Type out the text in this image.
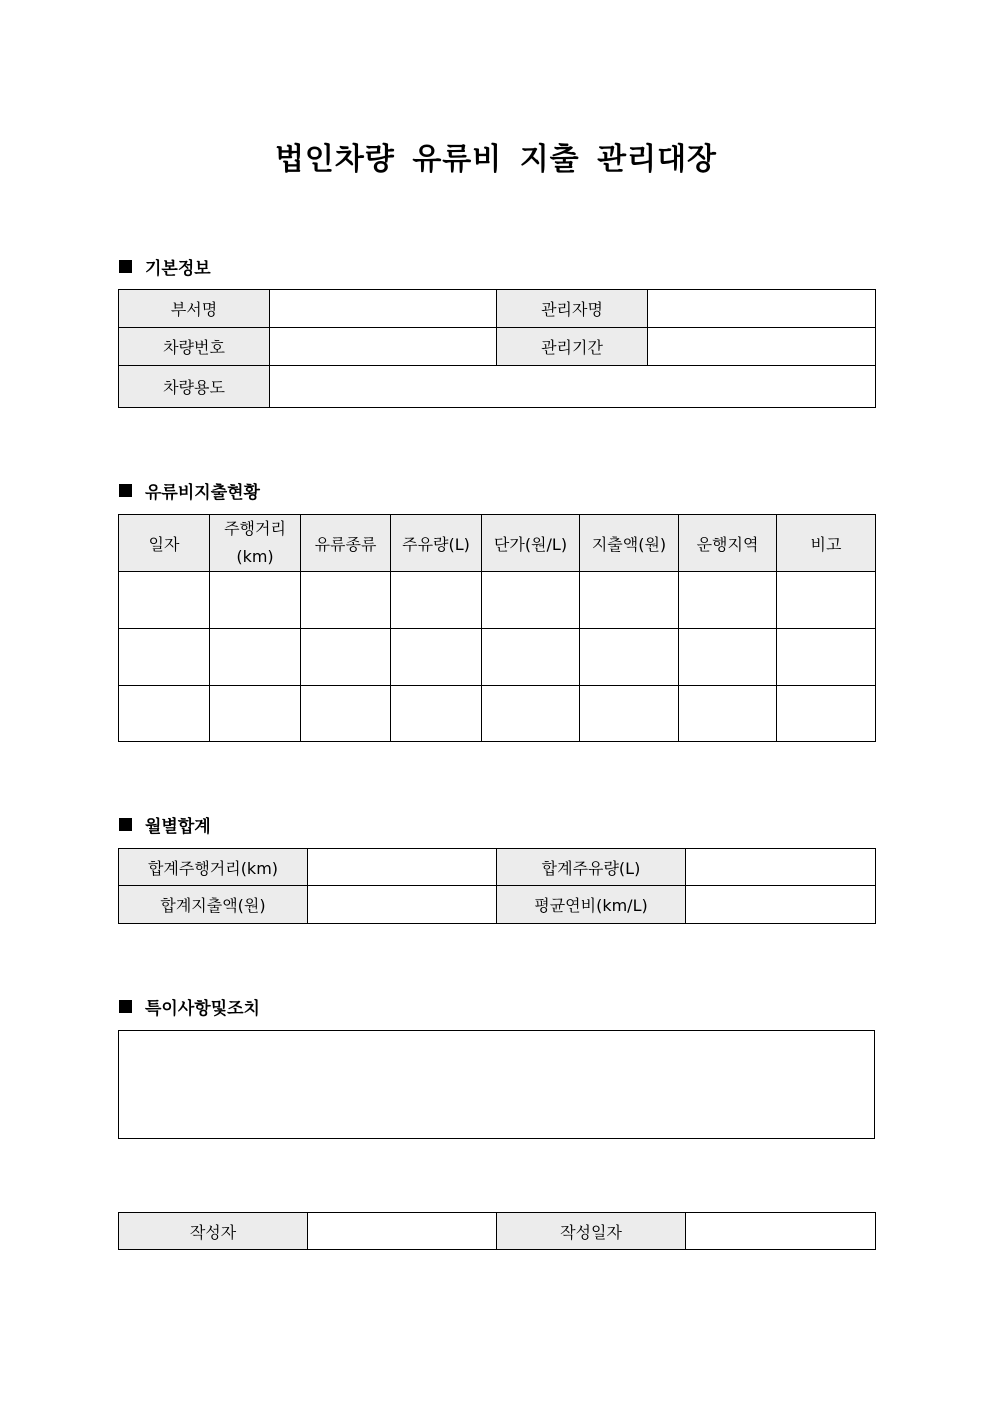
법인차량 유류비 지출 관리대장
기본정보
부서명		관리자명	
차량번호		관리기간	
차량용도			
유류비지출현황
일자	주행거리(km)	유류종류	주유량(L)	단가(원/L)	지출액(원)	운행지역	비고

월별합계
합계주행거리(km)		합계주유량(L)	
합계지출액(원)		평균연비(km/L)	
특이사항및조치
작성자		작성일자	
